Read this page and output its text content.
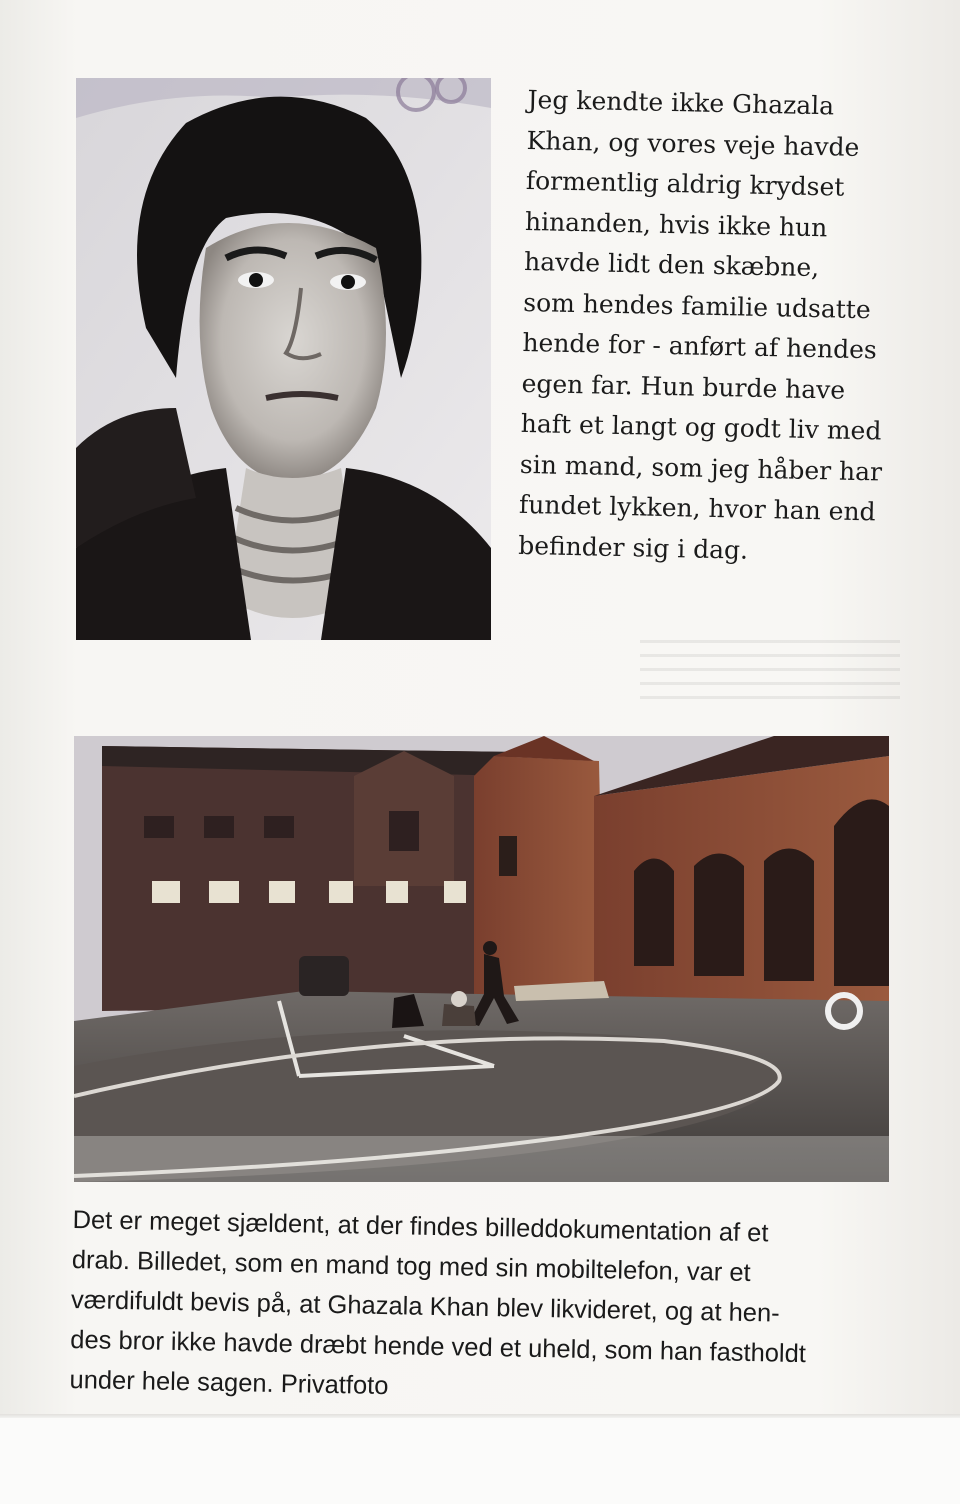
Jeg kendte ikke Ghazala
Khan, og vores veje havde
formentlig aldrig krydset
hinanden, hvis ikke hun
havde lidt den skæbne,
som hendes familie udsatte
hende for - anført af hendes
egen far. Hun burde have
haft et langt og godt liv med
sin mand, som jeg håber har
fundet lykken, hvor han end
befinder sig i dag.
Det er meget sjældent, at der findes billeddokumentation af et
drab. Billedet, som en mand tog med sin mobiltelefon, var et
værdifuldt bevis på, at Ghazala Khan blev likvideret, og at hen-
des bror ikke havde dræbt hende ved et uheld, som han fastholdt
under hele sagen. Privatfoto
